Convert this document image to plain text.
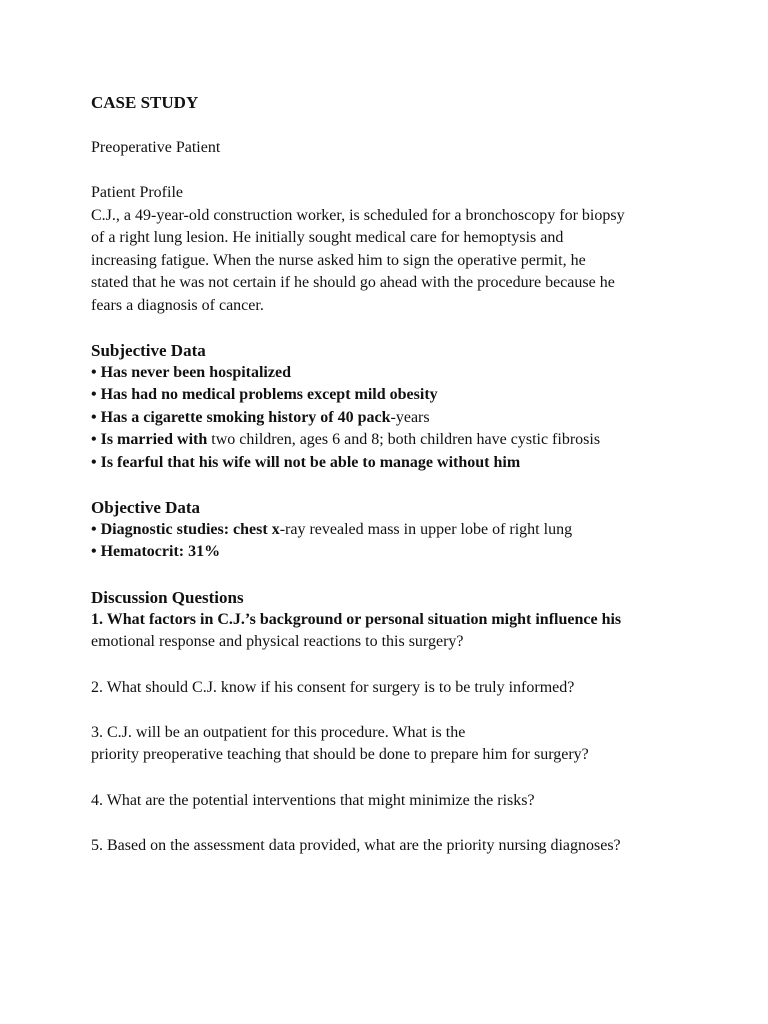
CASE STUDY
Preoperative Patient
Patient Profile
C.J., a 49-year-old construction worker, is scheduled for a bronchoscopy for biopsy
of a right lung lesion. He initially sought medical care for hemoptysis and
increasing fatigue. When the nurse asked him to sign the operative permit, he
stated that he was not certain if he should go ahead with the procedure because he
fears a diagnosis of cancer.
Subjective Data
• Has never been hospitalized
• Has had no medical problems except mild obesity
• Has a cigarette smoking history of 40 pack-years
• Is married with two children, ages 6 and 8; both children have cystic fibrosis
• Is fearful that his wife will not be able to manage without him
Objective Data
• Diagnostic studies: chest x-ray revealed mass in upper lobe of right lung
• Hematocrit: 31%
Discussion Questions
1. What factors in C.J.’s background or personal situation might influence his
emotional response and physical reactions to this surgery?
2. What should C.J. know if his consent for surgery is to be truly informed?
3. C.J. will be an outpatient for this procedure. What is the
priority preoperative teaching that should be done to prepare him for surgery?
4. What are the potential interventions that might minimize the risks?
5. Based on the assessment data provided, what are the priority nursing diagnoses?
